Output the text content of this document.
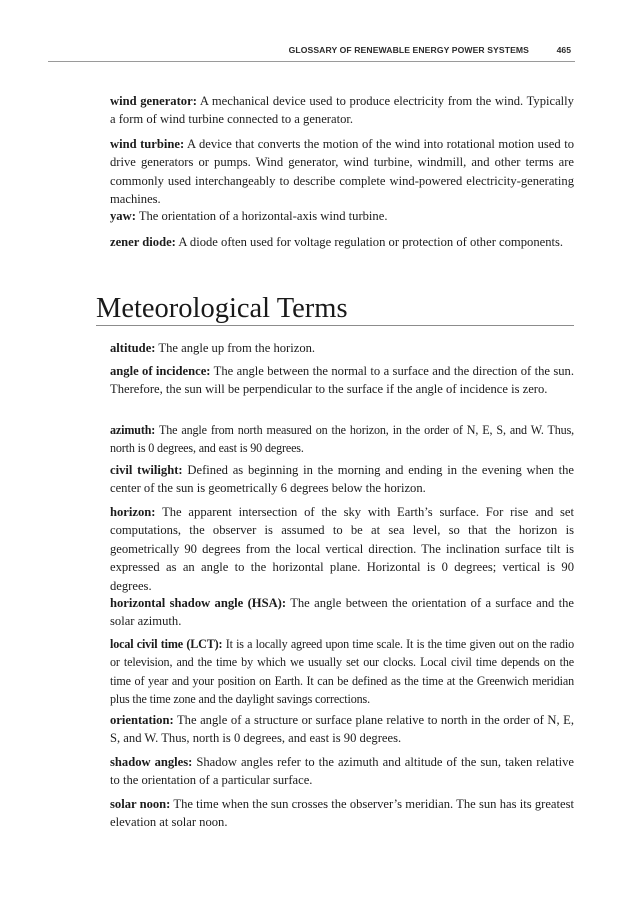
GLOSSARY OF RENEWABLE ENERGY POWER SYSTEMS	465

wind generator: A mechanical device used to produce electricity from the wind. Typically a form of wind turbine connected to a generator.

wind turbine: A device that converts the motion of the wind into rotational motion used to drive generators or pumps. Wind generator, wind turbine, windmill, and other terms are commonly used interchangeably to describe complete wind-powered electricity-generating machines.

yaw: The orientation of a horizontal-axis wind turbine.

zener diode: A diode often used for voltage regulation or protection of other components.

Meteorological Terms

altitude: The angle up from the horizon.

angle of incidence: The angle between the normal to a surface and the direction of the sun. Therefore, the sun will be perpendicular to the surface if the angle of incidence is zero.

azimuth: The angle from north measured on the horizon, in the order of N, E, S, and W. Thus, north is 0 degrees, and east is 90 degrees.

civil twilight: Defined as beginning in the morning and ending in the evening when the center of the sun is geometrically 6 degrees below the horizon.

horizon: The apparent intersection of the sky with Earth’s surface. For rise and set computations, the observer is assumed to be at sea level, so that the horizon is geometrically 90 degrees from the local vertical direction. The inclination surface tilt is expressed as an angle to the horizontal plane. Horizontal is 0 degrees; vertical is 90 degrees.

horizontal shadow angle (HSA): The angle between the orientation of a surface and the solar azimuth.

local civil time (LCT): It is a locally agreed upon time scale. It is the time given out on the radio or television, and the time by which we usually set our clocks. Local civil time depends on the time of year and your position on Earth. It can be defined as the time at the Greenwich meridian plus the time zone and the daylight savings corrections.

orientation: The angle of a structure or surface plane relative to north in the order of N, E, S, and W. Thus, north is 0 degrees, and east is 90 degrees.

shadow angles: Shadow angles refer to the azimuth and altitude of the sun, taken relative to the orientation of a particular surface.

solar noon: The time when the sun crosses the observer’s meridian. The sun has its greatest elevation at solar noon.
